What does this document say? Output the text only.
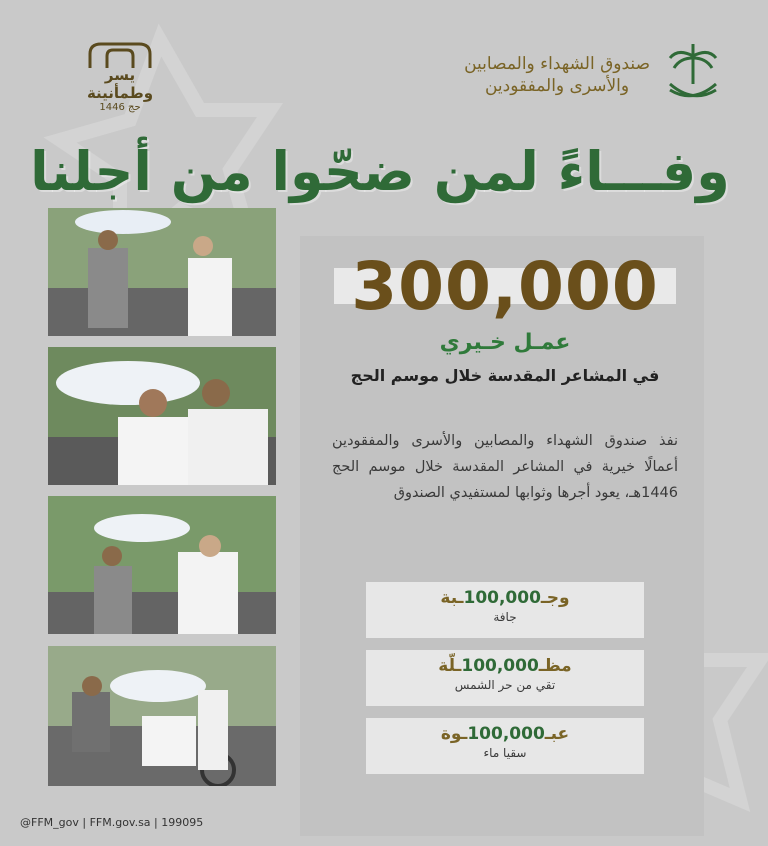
يسر وطمأنينة
حج 1446
صندوق الشهداء والمصابين
والأسرى والمفقودين
وفـــاءً لمن ضحّوا من أجلنا
300,000
عمـل خـيري
في المشاعر المقدسة خلال موسم الحج
نفذ صندوق الشهداء والمصابين والأسرى والمفقودين أعمالًا خيرية في المشاعر المقدسة خلال موسم الحج 1446هـ، يعود أجرها وثوابها لمستفيدي الصندوق
وجـ100,000ـبة
جافة
مظـ100,000ـلّة
تقي من حر الشمس
عبـ100,000ـوة
سقيا ماء
@FFM_gov | FFM.gov.sa | 199095
